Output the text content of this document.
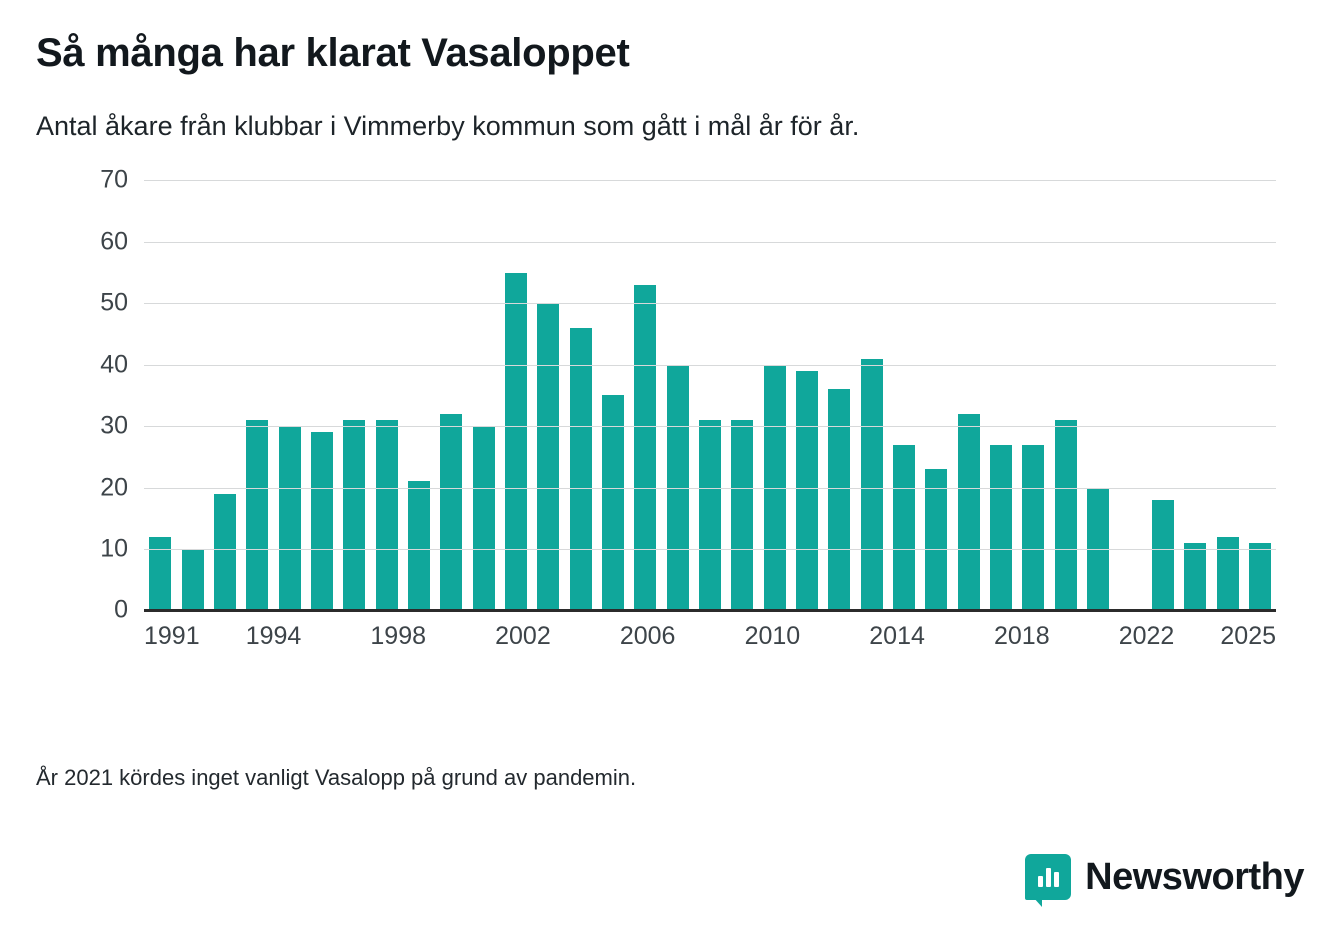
Så många har klarat Vasaloppet

Antal åkare från klubbar i Vimmerby kommun som gått i mål år för år.

0
10
20
30
40
50
60
70
1991 1994	1998	2002	2006	2010	2014	2018	2022 2025
År 2021 kördes inget vanligt Vasalopp på grund av pandemin.
Newsworthy
